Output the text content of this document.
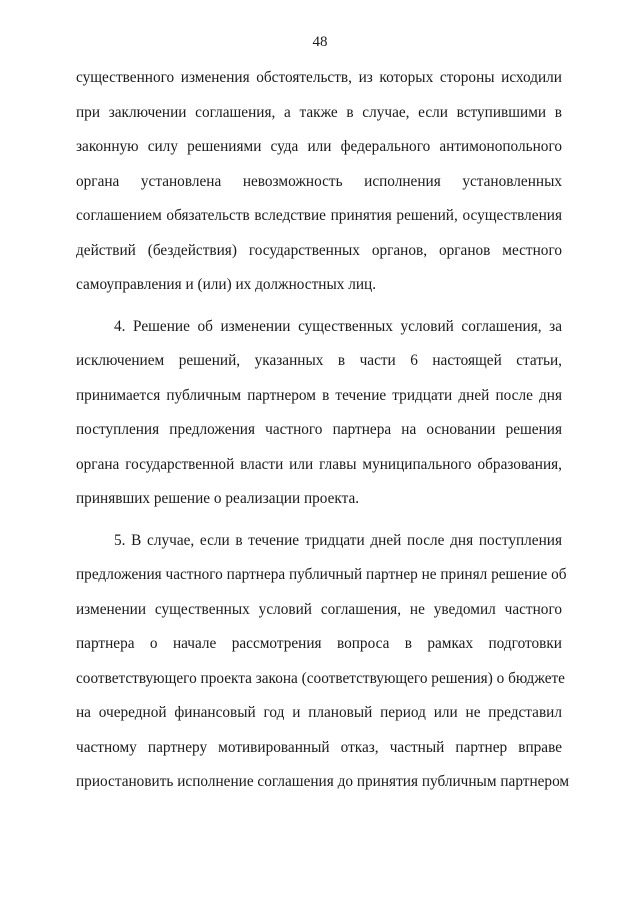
48
существенного изменения обстоятельств, из которых стороны исходили
при заключении соглашения, а также в случае, если вступившими в
законную силу решениями суда или федерального антимонопольного
органа установлена невозможность исполнения установленных
соглашением обязательств вследствие принятия решений, осуществления
действий (бездействия) государственных органов, органов местного
самоуправления и (или) их должностных лиц.
4. Решение об изменении существенных условий соглашения, за
исключением решений, указанных в части 6 настоящей статьи,
принимается публичным партнером в течение тридцати дней после дня
поступления предложения частного партнера на основании решения
органа государственной власти или главы муниципального образования,
принявших решение о реализации проекта.
5. В случае, если в течение тридцати дней после дня поступления
предложения частного партнера публичный партнер не принял решение об
изменении существенных условий соглашения, не уведомил частного
партнера о начале рассмотрения вопроса в рамках подготовки
соответствующего проекта закона (соответствующего решения) о бюджете
на очередной финансовый год и плановый период или не представил
частному партнеру мотивированный отказ, частный партнер вправе
приостановить исполнение соглашения до принятия публичным партнером
